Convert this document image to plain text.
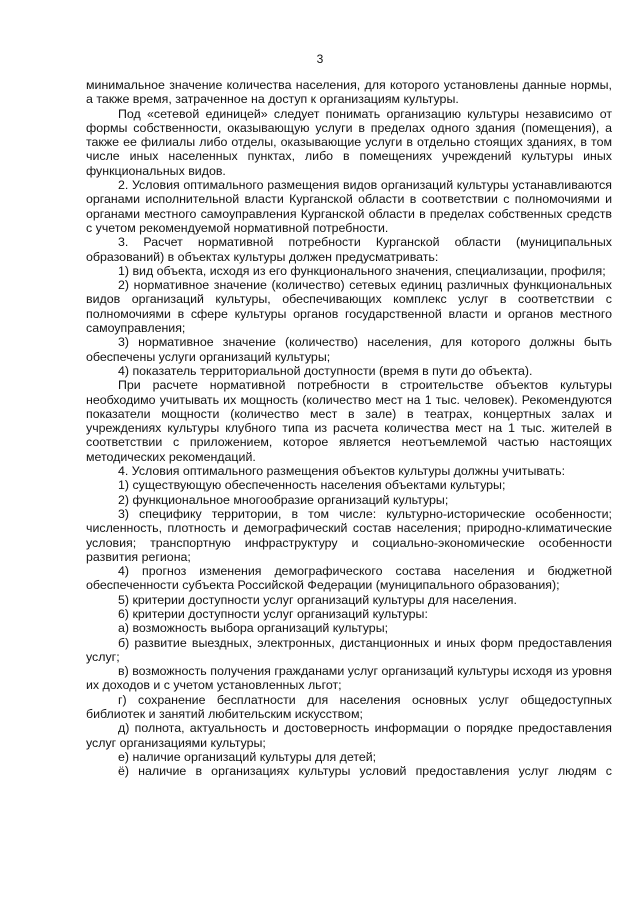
3

минимальное значение количества населения, для которого установлены данные нормы, а также время, затраченное на доступ к организациям культуры.

Под «сетевой единицей» следует понимать организацию культуры независимо от формы собственности, оказывающую услуги в пределах одного здания (помещения), а также ее филиалы либо отделы, оказывающие услуги в отдельно стоящих зданиях, в том числе иных населенных пунктах, либо в помещениях учреждений культуры иных функциональных видов.

2. Условия оптимального размещения видов организаций культуры устанавливаются органами исполнительной власти Курганской области в соответствии с полномочиями и органами местного самоуправления Курганской области в пределах собственных средств с учетом рекомендуемой нормативной потребности.

3. Расчет нормативной потребности Курганской области (муниципальных образований) в объектах культуры должен предусматривать:

1) вид объекта, исходя из его функционального значения, специализации, профиля;

2) нормативное значение (количество) сетевых единиц различных функциональных видов организаций культуры, обеспечивающих комплекс услуг в соответствии с полномочиями в сфере культуры органов государственной власти и органов местного самоуправления;

3) нормативное значение (количество) населения, для которого должны быть обеспечены услуги организаций культуры;

4) показатель территориальной доступности (время в пути до объекта).

При расчете нормативной потребности в строительстве объектов культуры необходимо учитывать их мощность (количество мест на 1 тыс. человек). Рекомендуются показатели мощности (количество мест в зале) в театрах, концертных залах и учреждениях культуры клубного типа из расчета количества мест на 1 тыс. жителей в соответствии с приложением, которое является неотъемлемой частью настоящих методических рекомендаций.

4. Условия оптимального размещения объектов культуры должны учитывать:

1) существующую обеспеченность населения объектами культуры;

2) функциональное многообразие организаций культуры;

3) специфику территории, в том числе: культурно-исторические особенности; численность, плотность и демографический состав населения; природно-климатические условия; транспортную инфраструктуру и социально-экономические особенности развития региона;

4) прогноз изменения демографического состава населения и бюджетной обеспеченности субъекта Российской Федерации (муниципального образования);

5) критерии доступности услуг организаций культуры для населения.

6) критерии доступности услуг организаций культуры:

а) возможность выбора организаций культуры;

б) развитие выездных, электронных, дистанционных и иных форм предоставления услуг;

в) возможность получения гражданами услуг организаций культуры исходя из уровня их доходов и с учетом установленных льгот;

г) сохранение бесплатности для населения основных услуг общедоступных библиотек и занятий любительским искусством;

д) полнота, актуальность и достоверность информации о порядке предоставления услуг организациями культуры;

е) наличие организаций культуры для детей;

ё) наличие в организациях культуры условий предоставления услуг людям с
